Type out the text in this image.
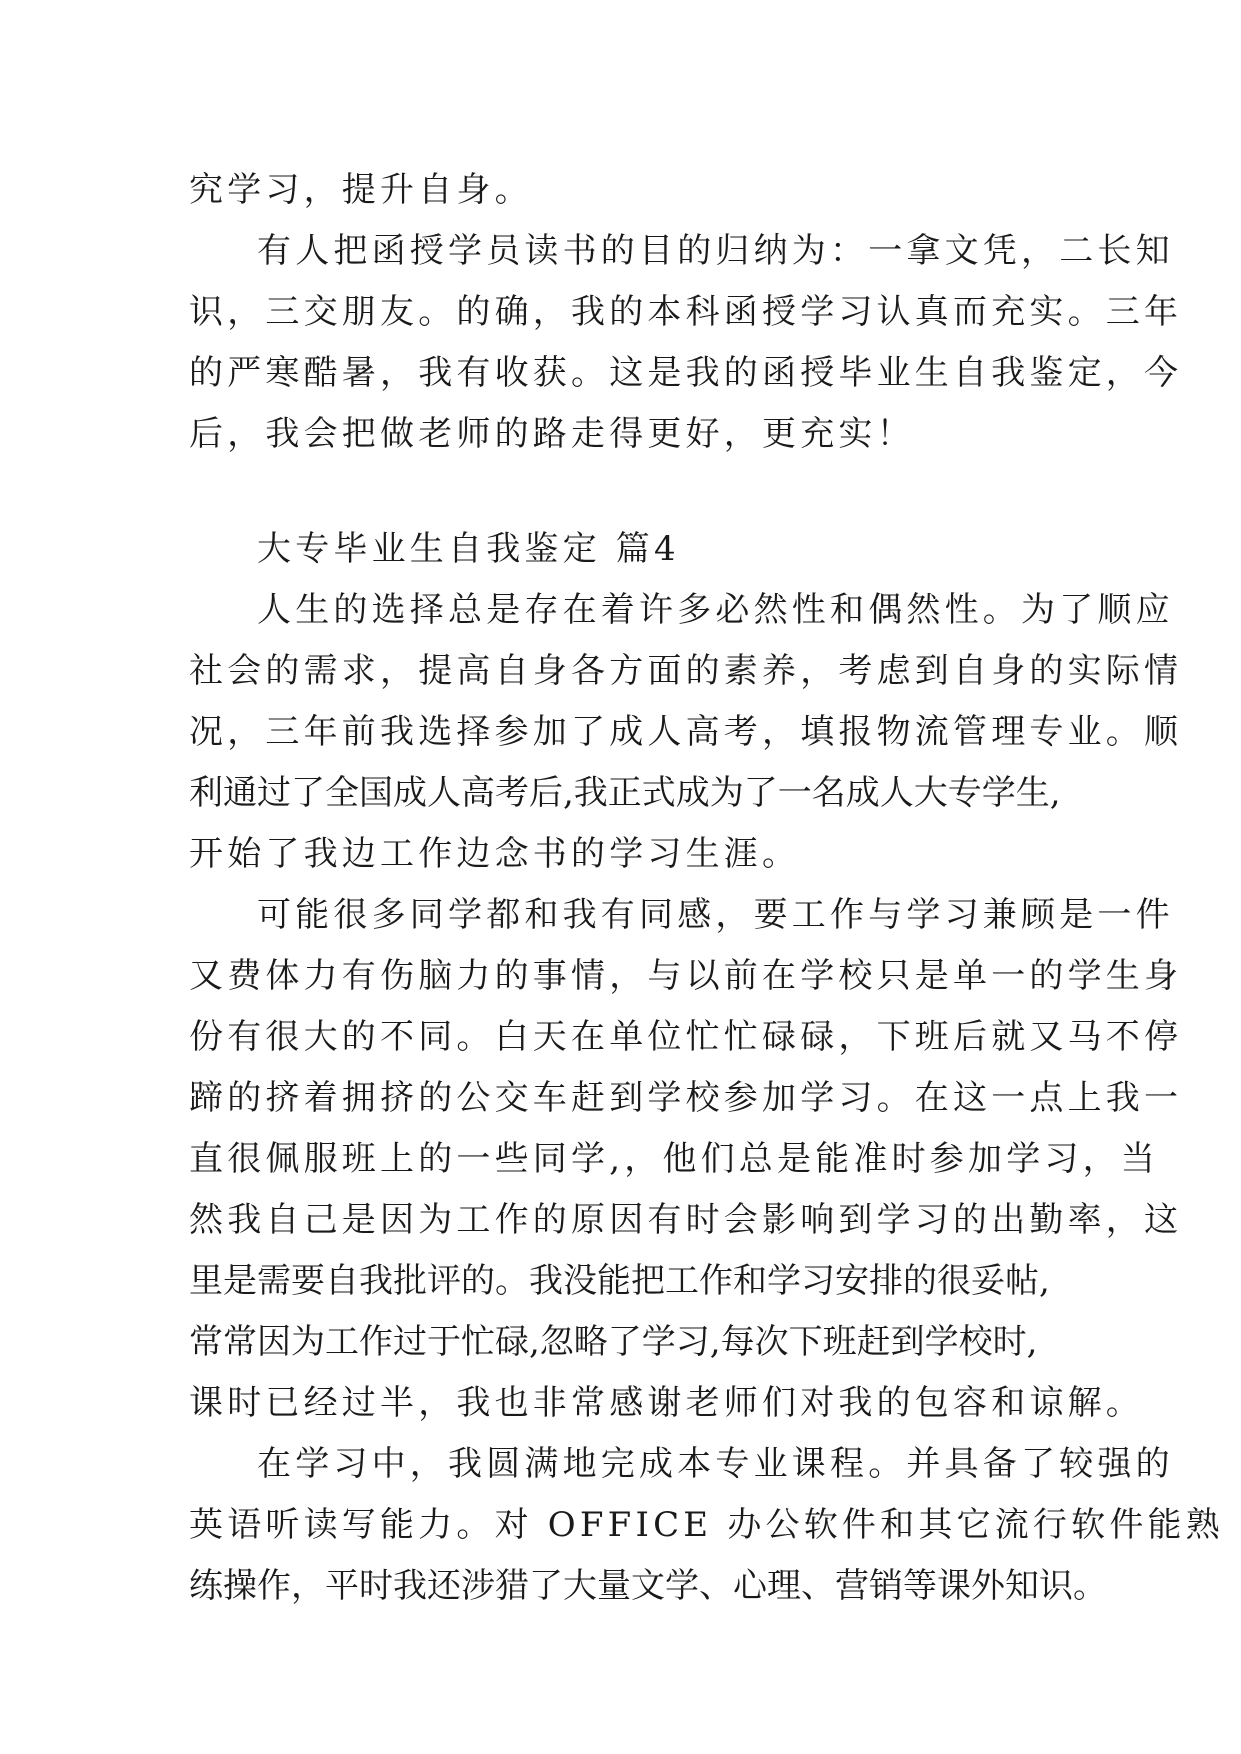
究学习，提升自身。
有人把函授学员读书的目的归纳为：一拿文凭，二长知
识，三交朋友。的确，我的本科函授学习认真而充实。三年
的严寒酷暑，我有收获。这是我的函授毕业生自我鉴定，今
后，我会把做老师的路走得更好，更充实！
大专毕业生自我鉴定 篇4
人生的选择总是存在着许多必然性和偶然性。为了顺应
社会的需求，提高自身各方面的素养，考虑到自身的实际情
况，三年前我选择参加了成人高考，填报物流管理专业。顺
利通过了全国成人高考后,我正式成为了一名成人大专学生,
开始了我边工作边念书的学习生涯。
可能很多同学都和我有同感，要工作与学习兼顾是一件
又费体力有伤脑力的事情，与以前在学校只是单一的学生身
份有很大的不同。白天在单位忙忙碌碌，下班后就又马不停
蹄的挤着拥挤的公交车赶到学校参加学习。在这一点上我一
直很佩服班上的一些同学,，他们总是能准时参加学习，当
然我自己是因为工作的原因有时会影响到学习的出勤率，这
里是需要自我批评的。我没能把工作和学习安排的很妥帖,
常常因为工作过于忙碌,忽略了学习,每次下班赶到学校时,
课时已经过半，我也非常感谢老师们对我的包容和谅解。
在学习中，我圆满地完成本专业课程。并具备了较强的
英语听读写能力。对 OFFICE 办公软件和其它流行软件能熟
练操作，平时我还涉猎了大量文学、心理、营销等课外知识。
